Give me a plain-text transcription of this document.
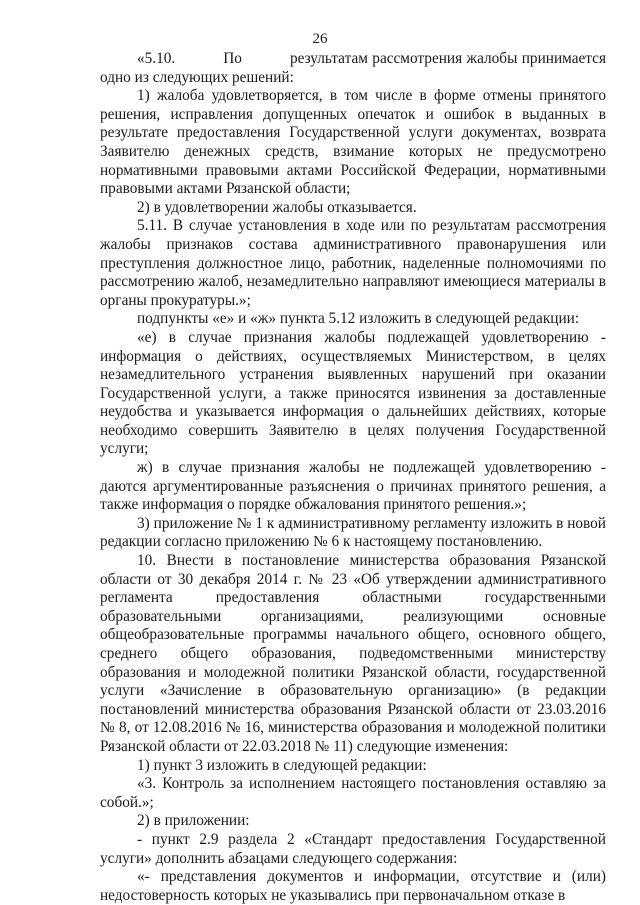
26

«5.10.	По	результатам рассмотрения жалобы принимается одно из следующих решений:

1) жалоба удовлетворяется, в том числе в форме отмены принятого решения, исправления допущенных опечаток и ошибок в выданных в результате предоставления Государственной услуги документах, возврата Заявителю денежных средств, взимание которых не предусмотрено нормативными правовыми актами Российской Федерации, нормативными правовыми актами Рязанской области;

2) в удовлетворении жалобы отказывается.

5.11. В случае установления в ходе или по результатам рассмотрения жалобы признаков состава административного правонарушения или преступления должностное лицо, работник, наделенные полномочиями по рассмотрению жалоб, незамедлительно направляют имеющиеся материалы в органы прокуратуры.»;

подпункты «е» и «ж» пункта 5.12 изложить в следующей редакции:

«е) в случае признания жалобы подлежащей удовлетворению - информация о действиях, осуществляемых Министерством, в целях незамедлительного устранения выявленных нарушений при оказании Государственной услуги, а также приносятся извинения за доставленные неудобства и указывается информация о дальнейших действиях, которые необходимо совершить Заявителю в целях получения Государственной услуги;

ж) в случае признания жалобы не подлежащей удовлетворению - даются аргументированные разъяснения о причинах принятого решения, а также информация о порядке обжалования принятого решения.»;

3) приложение № 1 к административному регламенту изложить в новой редакции согласно приложению № 6 к настоящему постановлению.

10. Внести в постановление министерства образования Рязанской области от 30 декабря 2014 г. № 23 «Об утверждении административного регламента предоставления областными государственными образовательными организациями, реализующими основные общеобразовательные программы начального общего, основного общего, среднего общего образования, подведомственными министерству образования и молодежной политики Рязанской области, государственной услуги «Зачисление в образовательную организацию» (в редакции постановлений министерства образования Рязанской области от 23.03.2016 № 8, от 12.08.2016 № 16, министерства образования и молодежной политики Рязанской области от 22.03.2018 № 11) следующие изменения:

1) пункт 3 изложить в следующей редакции:

«3. Контроль за исполнением настоящего постановления оставляю за собой.»;

2) в приложении:

- пункт 2.9 раздела 2 «Стандарт предоставления Государственной услуги» дополнить абзацами следующего содержания:

«- представления документов и информации, отсутствие и (или) недостоверность которых не указывались при первоначальном отказе в
